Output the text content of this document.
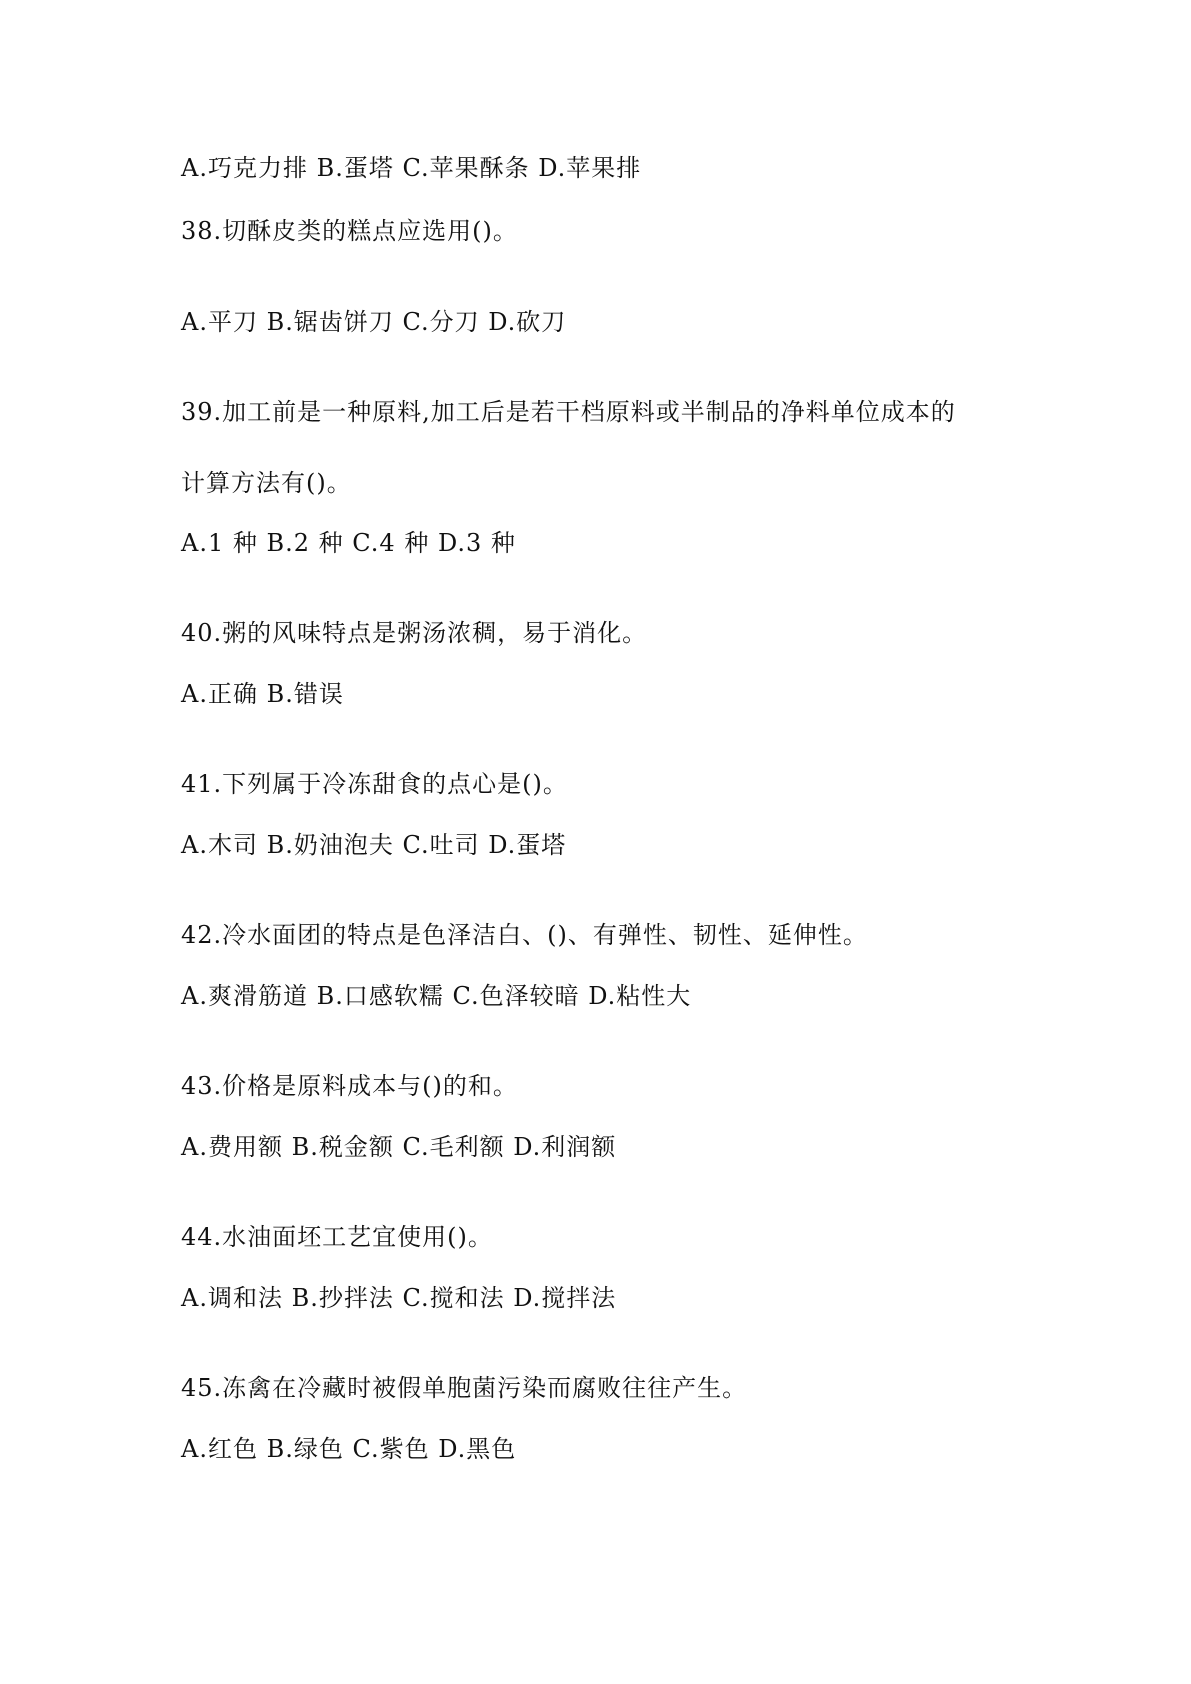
A.巧克力排 B.蛋塔 C.苹果酥条 D.苹果排
38.切酥皮类的糕点应选用()。
A.平刀 B.锯齿饼刀 C.分刀 D.砍刀
39.加工前是一种原料,加工后是若干档原料或半制品的净料单位成本的
计算方法有()。
A.1 种 B.2 种 C.4 种 D.3 种
40.粥的风味特点是粥汤浓稠，易于消化。
A.正确 B.错误
41.下列属于冷冻甜食的点心是()。
A.木司 B.奶油泡夫 C.吐司 D.蛋塔
42.冷水面团的特点是色泽洁白、()、有弹性、韧性、延伸性。
A.爽滑筋道 B.口感软糯 C.色泽较暗 D.粘性大
43.价格是原料成本与()的和。
A.费用额 B.税金额 C.毛利额 D.利润额
44.水油面坯工艺宜使用()。
A.调和法 B.抄拌法 C.搅和法 D.搅拌法
45.冻禽在冷藏时被假单胞菌污染而腐败往往产生。
A.红色 B.绿色 C.紫色 D.黑色
